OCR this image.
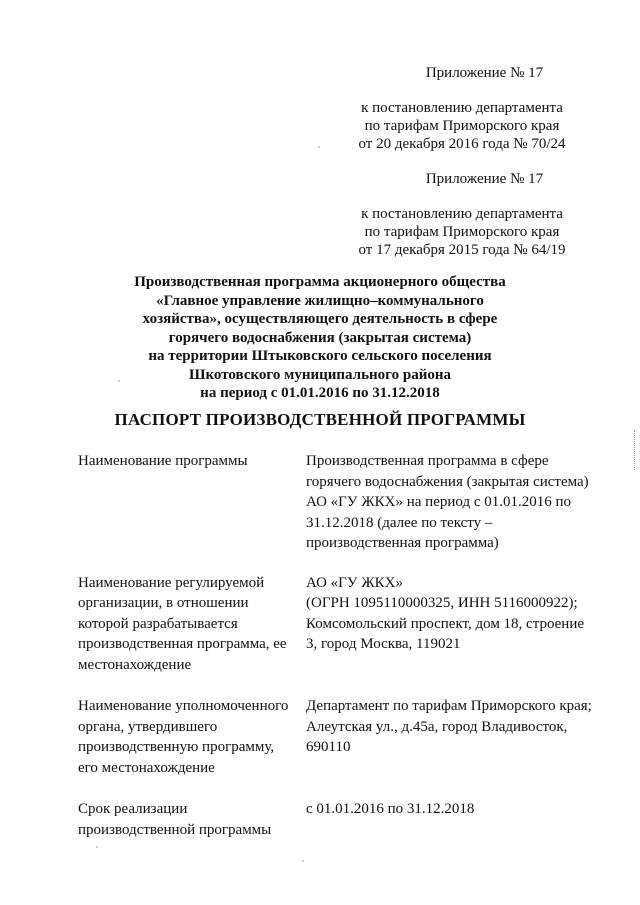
Приложение № 17
к постановлению департамента
по тарифам Приморского края
от 20 декабря 2016 года № 70/24
Приложение № 17
к постановлению департамента
по тарифам Приморского края
от 17 декабря 2015 года № 64/19
Производственная программа акционерного общества
«Главное управление жилищно–коммунального
хозяйства», осуществляющего деятельность в сфере
горячего водоснабжения (закрытая система)
на территории Штыковского сельского поселения
Шкотовского муниципального района
на период с 01.01.2016 по 31.12.2018
ПАСПОРТ ПРОИЗВОДСТВЕННОЙ ПРОГРАММЫ
Наименование программы	Производственная программа в сфере
горячего водоснабжения (закрытая система)
АО «ГУ ЖКХ» на период с 01.01.2016 по
31.12.2018 (далее по тексту –
производственная программа)
Наименование регулируемой
организации, в отношении
которой разрабатывается
производственная программа, ее
местонахождение
АО «ГУ ЖКХ»
(ОГРН 1095110000325, ИНН 5116000922);
Комсомольский проспект, дом 18, строение
3, город Москва, 119021
Наименование уполномоченного
органа, утвердившего
производственную программу,
его местонахождение
Департамент по тарифам Приморского края;
Алеутская ул., д.45а, город Владивосток,
690110
Срок реализации
производственной программы
с 01.01.2016 по 31.12.2018
